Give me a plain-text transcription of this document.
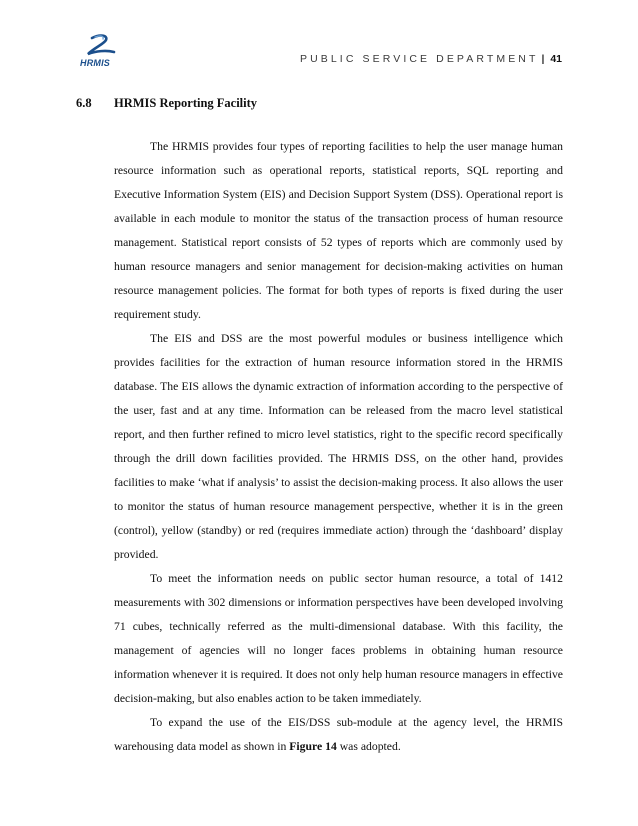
HRMIS	PUBLIC SERVICE DEPARTMENT | 41
6.8 HRMIS Reporting Facility

The HRMIS provides four types of reporting facilities to help the user manage human resource information such as operational reports, statistical reports, SQL reporting and Executive Information System (EIS) and Decision Support System (DSS). Operational report is available in each module to monitor the status of the transaction process of human resource management. Statistical report consists of 52 types of reports which are commonly used by human resource managers and senior management for decision-making activities on human resource management policies. The format for both types of reports is fixed during the user requirement study.

The EIS and DSS are the most powerful modules or business intelligence which provides facilities for the extraction of human resource information stored in the HRMIS database. The EIS allows the dynamic extraction of information according to the perspective of the user, fast and at any time. Information can be released from the macro level statistical report, and then further refined to micro level statistics, right to the specific record specifically through the drill down facilities provided. The HRMIS DSS, on the other hand, provides facilities to make ‘what if analysis’ to assist the decision-making process. It also allows the user to monitor the status of human resource management perspective, whether it is in the green (control), yellow (standby) or red (requires immediate action) through the ‘dashboard’ display provided.

To meet the information needs on public sector human resource, a total of 1412 measurements with 302 dimensions or information perspectives have been developed involving 71 cubes, technically referred as the multi-dimensional database. With this facility, the management of agencies will no longer faces problems in obtaining human resource information whenever it is required. It does not only help human resource managers in effective decision-making, but also enables action to be taken immediately.

To expand the use of the EIS/DSS sub-module at the agency level, the HRMIS warehousing data model as shown in Figure 14 was adopted.
